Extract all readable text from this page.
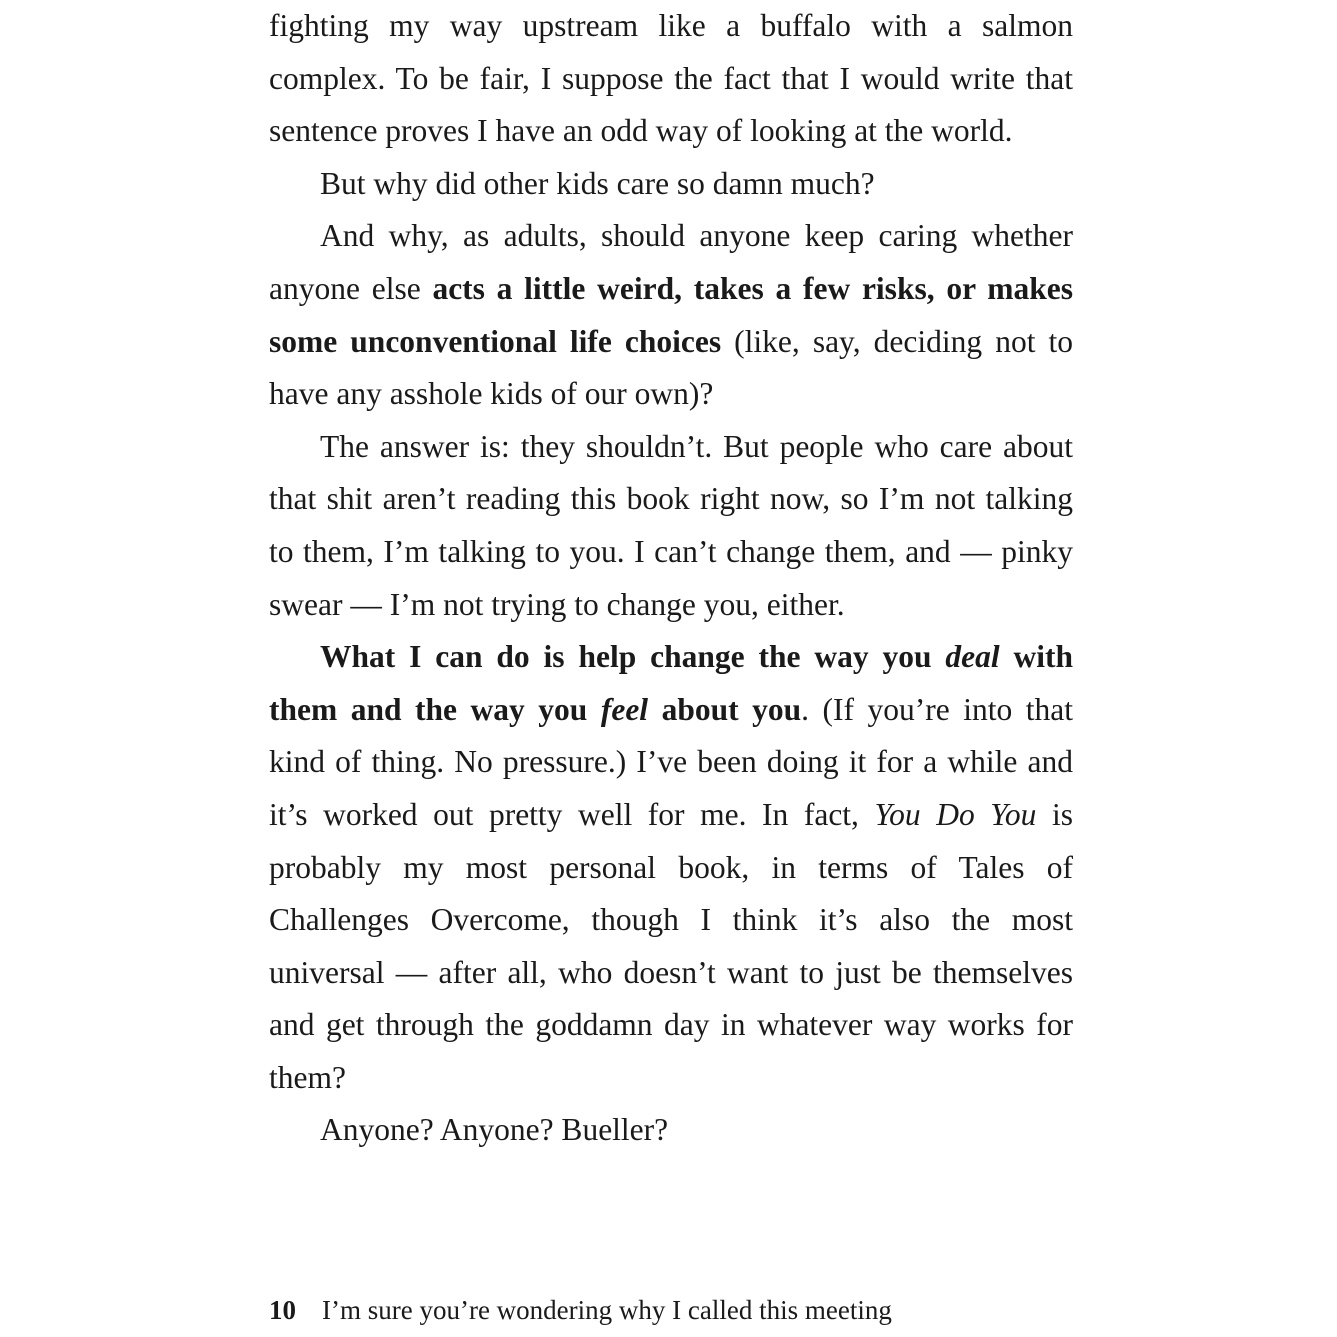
fighting my way upstream like a buffalo with a salmon complex. To be fair, I suppose the fact that I would write that sentence proves I have an odd way of looking at the world.

But why did other kids care so damn much?

And why, as adults, should anyone keep caring whether anyone else acts a little weird, takes a few risks, or makes some unconventional life choices (like, say, deciding not to have any asshole kids of our own)?

The answer is: they shouldn’t. But people who care about that shit aren’t reading this book right now, so I’m not talking to them, I’m talking to you. I can’t change them, and — pinky swear — I’m not trying to change you, either.

What I can do is help change the way you deal with them and the way you feel about you. (If you’re into that kind of thing. No pressure.) I’ve been doing it for a while and it’s worked out pretty well for me. In fact, You Do You is probably my most personal book, in terms of Tales of Challenges Overcome, though I think it’s also the most universal — after all, who doesn’t want to just be themselves and get through the goddamn day in whatever way works for them?

Anyone? Anyone? Bueller?

10 I’m sure you’re wondering why I called this meeting
